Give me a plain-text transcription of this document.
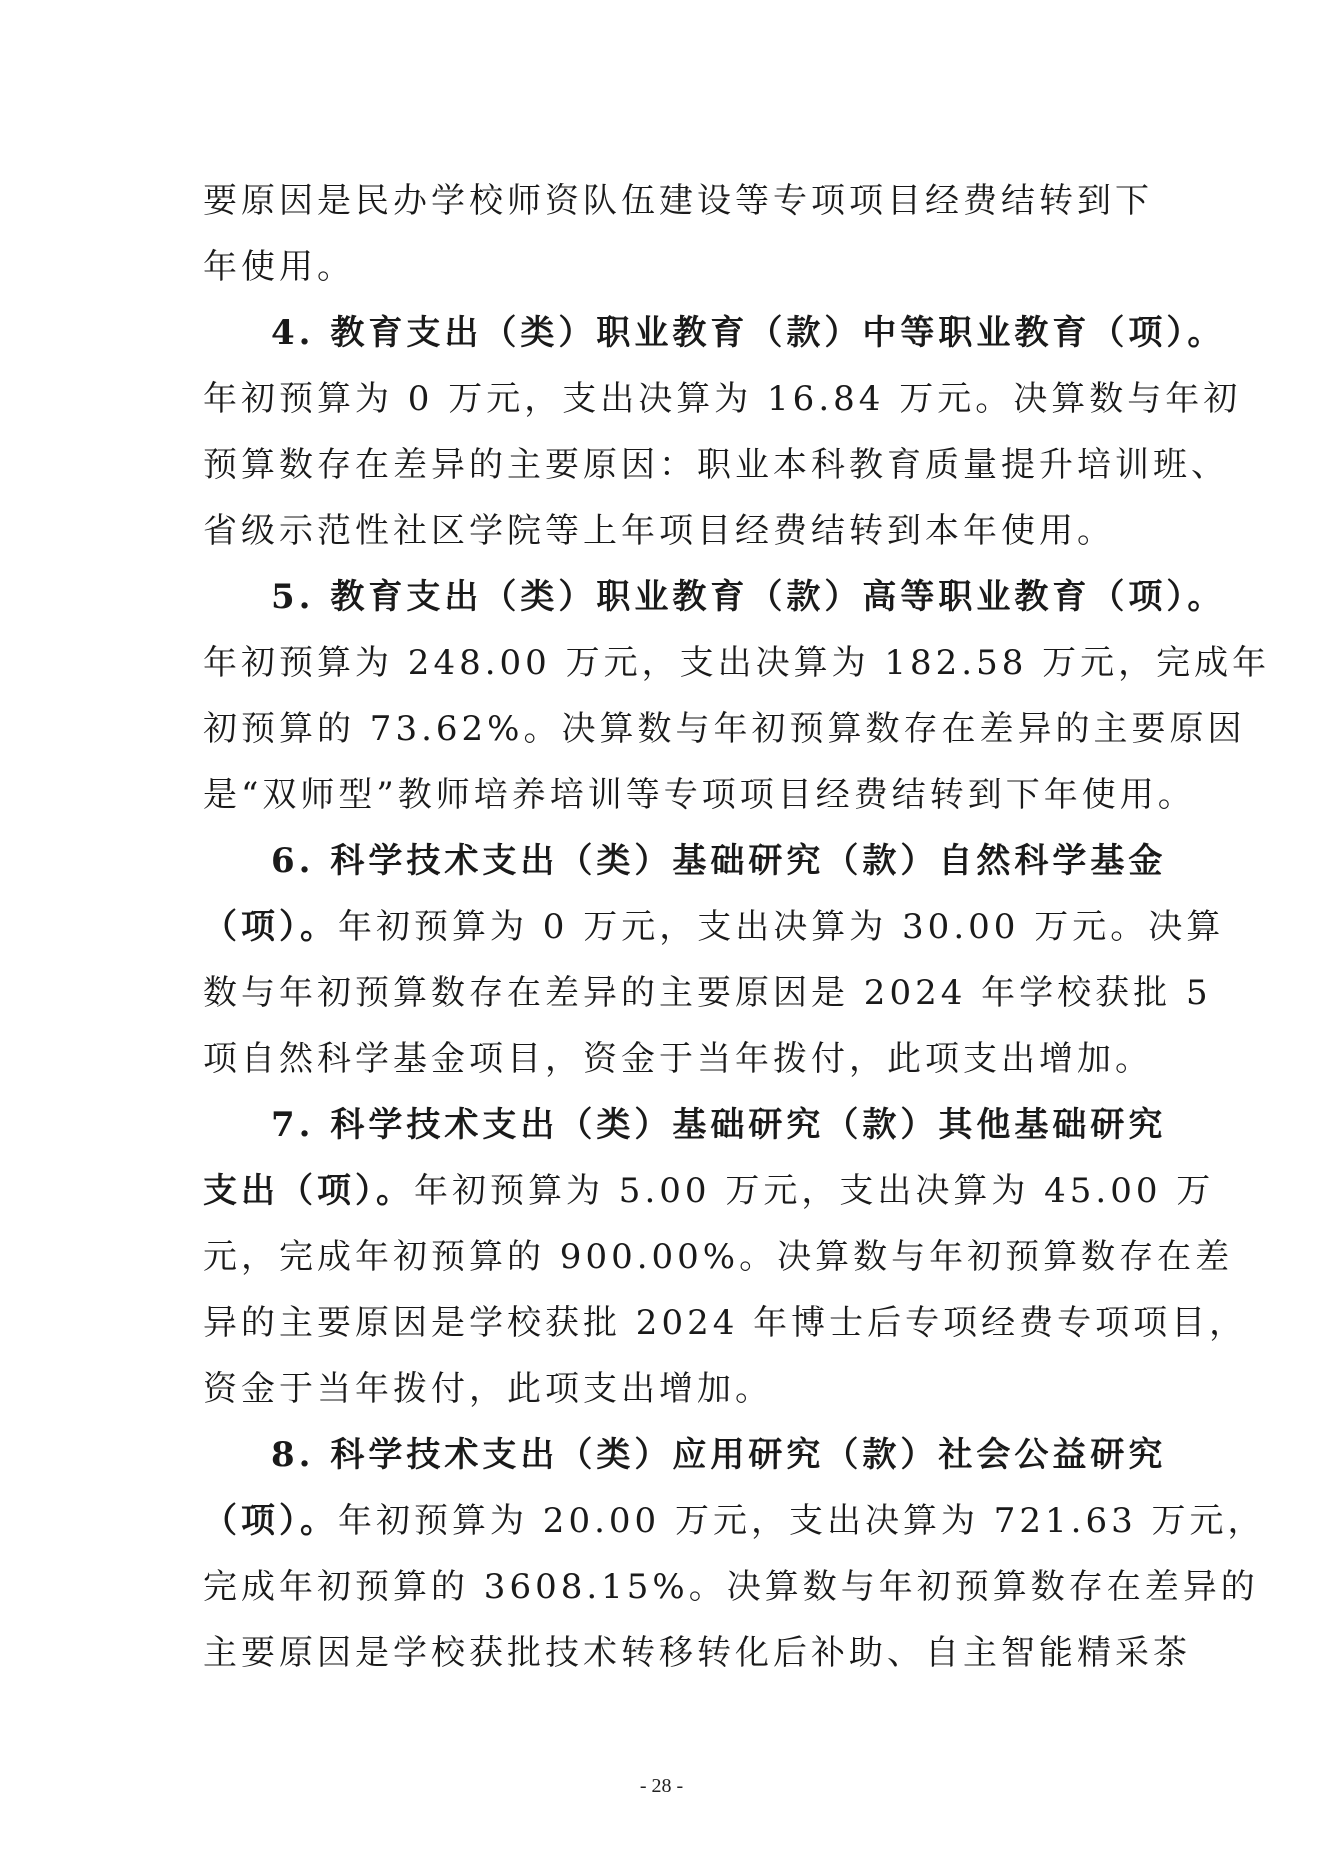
要原因是民办学校师资队伍建设等专项项目经费结转到下
年使用。
4. 教育支出（类）职业教育（款）中等职业教育（项）。
年初预算为 0 万元，支出决算为 16.84 万元。决算数与年初
预算数存在差异的主要原因：职业本科教育质量提升培训班、
省级示范性社区学院等上年项目经费结转到本年使用。
5. 教育支出（类）职业教育（款）高等职业教育（项）。
年初预算为 248.00 万元，支出决算为 182.58 万元，完成年
初预算的 73.62%。决算数与年初预算数存在差异的主要原因
是“双师型”教师培养培训等专项项目经费结转到下年使用。
6. 科学技术支出（类）基础研究（款）自然科学基金
（项）。年初预算为 0 万元，支出决算为 30.00 万元。决算
数与年初预算数存在差异的主要原因是 2024 年学校获批 5
项自然科学基金项目，资金于当年拨付，此项支出增加。
7. 科学技术支出（类）基础研究（款）其他基础研究
支出（项）。年初预算为 5.00 万元，支出决算为 45.00 万
元，完成年初预算的 900.00%。决算数与年初预算数存在差
异的主要原因是学校获批 2024 年博士后专项经费专项项目，
资金于当年拨付，此项支出增加。
8. 科学技术支出（类）应用研究（款）社会公益研究
（项）。年初预算为 20.00 万元，支出决算为 721.63 万元，
完成年初预算的 3608.15%。决算数与年初预算数存在差异的
主要原因是学校获批技术转移转化后补助、自主智能精采茶
- 28 -
